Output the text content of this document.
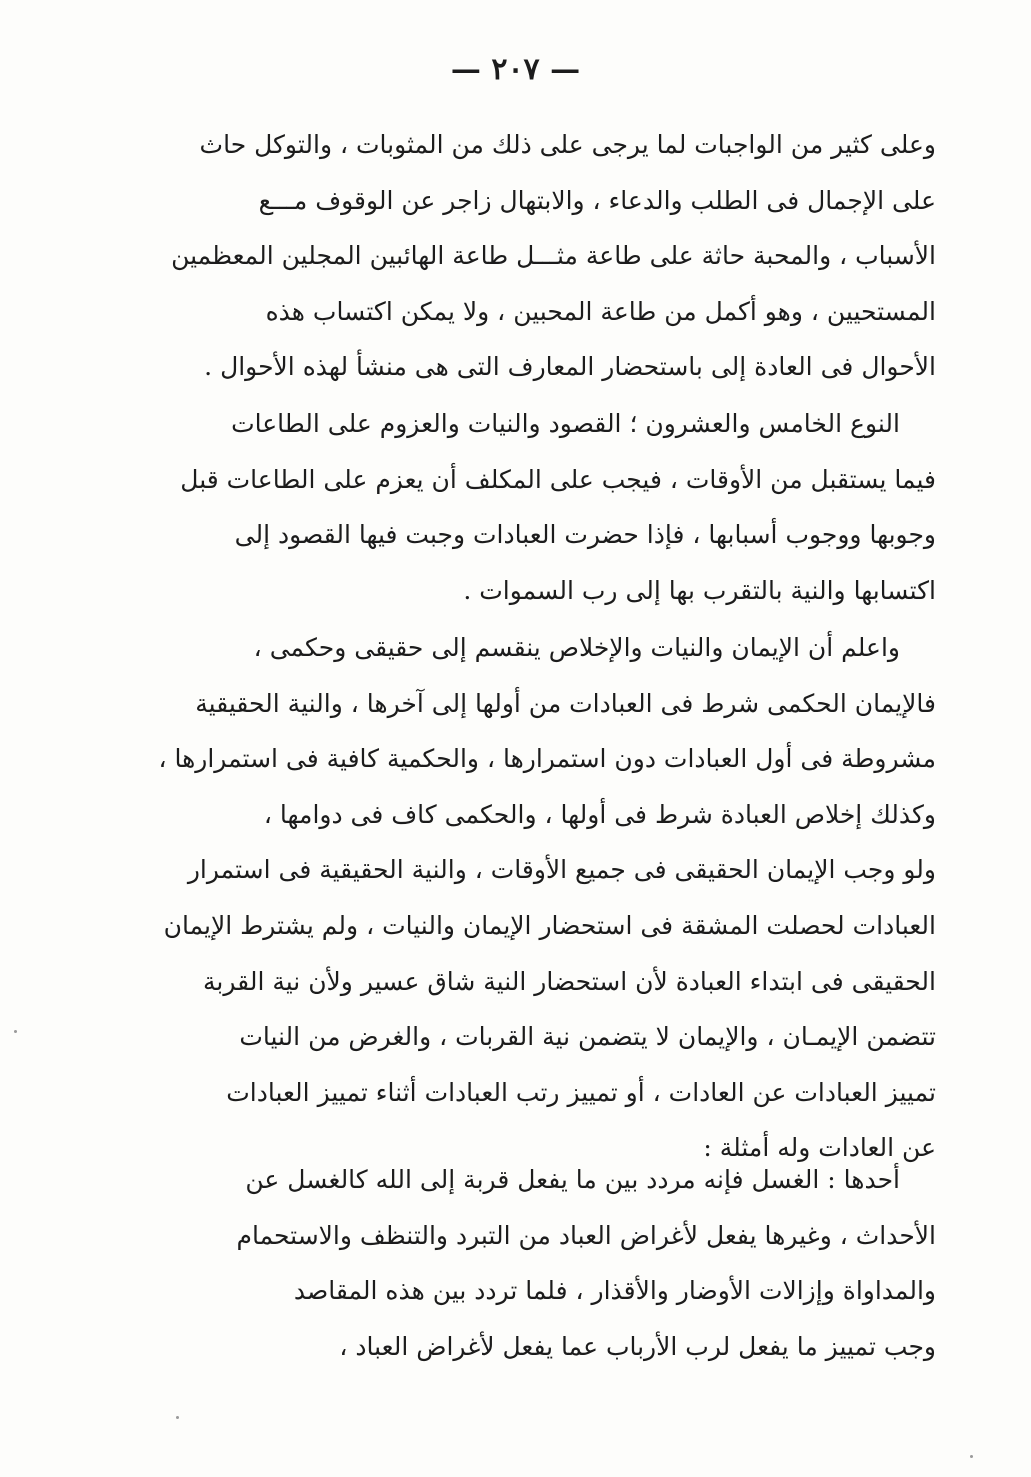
— ٢٠٧ —
وعلى كثير من الواجبات لما يرجى على ذلك من المثوبات ، والتوكل حاث
على الإجمال فى الطلب والدعاء ، والابتهال زاجر عن الوقوف مـــع
الأسباب ، والمحبة حاثة على طاعة مثـــل طاعة الهائبين المجلين المعظمين
المستحيين ، وهو أكمل من طاعة المحبين ، ولا يمكن اكتساب هذه
الأحوال فى العادة إلى باستحضار المعارف التى هى منشأ لهذه الأحوال .
النوع الخامس والعشرون ؛ القصود والنيات والعزوم على الطاعات
فيما يستقبل من الأوقات ، فيجب على المكلف أن يعزم على الطاعات قبل
وجوبها ووجوب أسبابها ، فإذا حضرت العبادات وجبت فيها القصود إلى
اكتسابها والنية بالتقرب بها إلى رب السموات .
واعلم أن الإيمان والنيات والإخلاص ينقسم إلى حقيقى وحكمى ،
فالإيمان الحكمى شرط فى العبادات من أولها إلى آخرها ، والنية الحقيقية
مشروطة فى أول العبادات دون استمرارها ، والحكمية كافية فى استمرارها ،
وكذلك إخلاص العبادة شرط فى أولها ، والحكمى كاف فى دوامها ،
ولو وجب الإيمان الحقيقى فى جميع الأوقات ، والنية الحقيقية فى استمرار
العبادات لحصلت المشقة فى استحضار الإيمان والنيات ، ولم يشترط الإيمان
الحقيقى فى ابتداء العبادة لأن استحضار النية شاق عسير ولأن نية القربة
تتضمن الإيمـان ، والإيمان لا يتضمن نية القربات ، والغرض من النيات
تمييز العبادات عن العادات ، أو تمييز رتب العبادات أثناء تمييز العبادات
عن العادات وله أمثلة :
أحدها : الغسل فإنه مردد بين ما يفعل قربة إلى الله كالغسل عن
الأحداث ، وغيرها يفعل لأغراض العباد من التبرد والتنظف والاستحمام
والمداواة وإزالات الأوضار والأقذار ، فلما تردد بين هذه المقاصد
وجب تمييز ما يفعل لرب الأرباب عما يفعل لأغراض العباد ،
